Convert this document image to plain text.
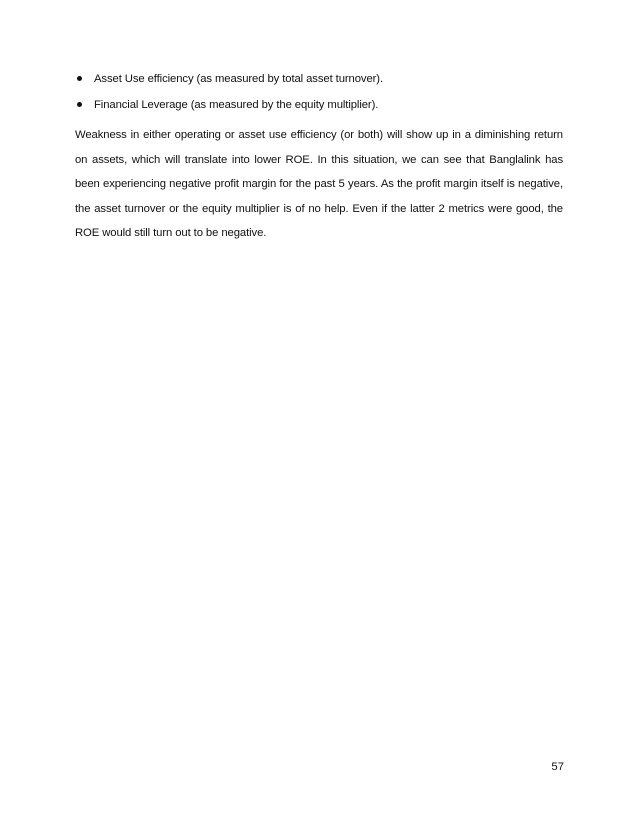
Asset Use efficiency (as measured by total asset turnover).
Financial Leverage (as measured by the equity multiplier).

Weakness in either operating or asset use efficiency (or both) will show up in a diminishing return on assets, which will translate into lower ROE. In this situation, we can see that Banglalink has been experiencing negative profit margin for the past 5 years. As the profit margin itself is negative, the asset turnover or the equity multiplier is of no help. Even if the latter 2 metrics were good, the ROE would still turn out to be negative.

57
